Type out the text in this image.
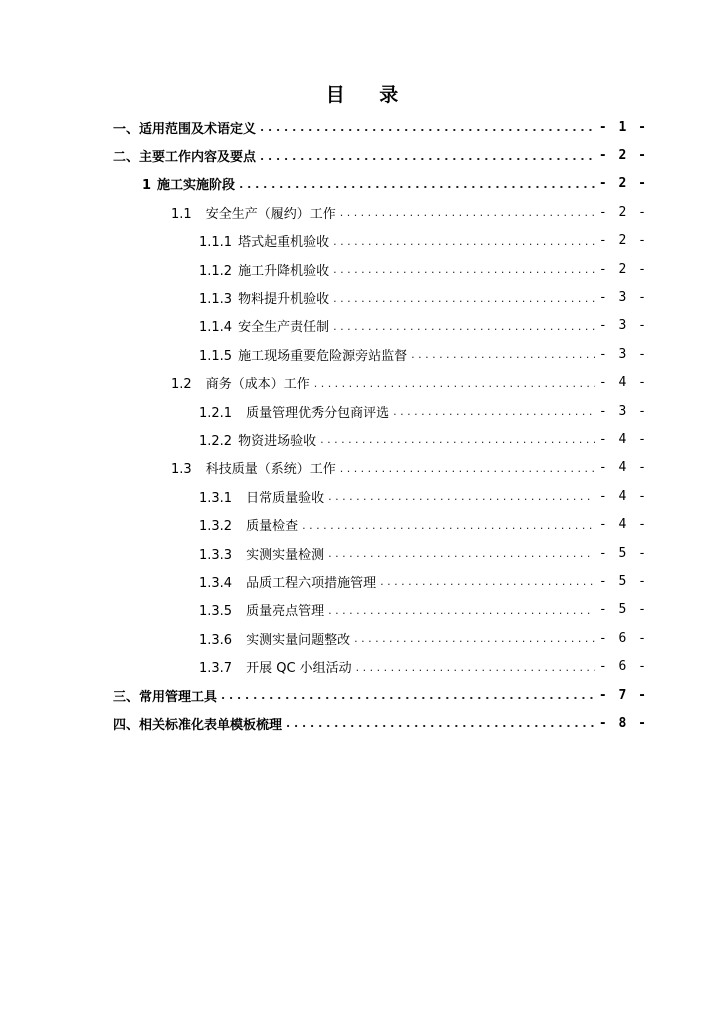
目 录
一、适用范围及术语定义 . . .	- 1 -
二、主要工作内容及要点 . . .	- 2 -
1 施工实施阶段 . . .	- 2 -
1.1 安全生产（履约）工作 . . .	- 2 -
1.1.1 塔式起重机验收 . . .	- 2 -
1.1.2 施工升降机验收 . . .	- 2 -
1.1.3 物料提升机验收 . . .	- 3 -
1.1.4 安全生产责任制 . . .	- 3 -
1.1.5 施工现场重要危险源旁站监督 . . .	- 3 -
1.2 商务（成本）工作 . . .	- 4 -
1.2.1 质量管理优秀分包商评选 . . .	- 3 -
1.2.2 物资进场验收 . . .	- 4 -
1.3 科技质量（系统）工作 . . .	- 4 -
1.3.1 日常质量验收 . . .	- 4 -
1.3.2 质量检查 . . .	- 4 -
1.3.3 实测实量检测 . . .	- 5 -
1.3.4 品质工程六项措施管理 . . .	- 5 -
1.3.5 质量亮点管理 . . .	- 5 -
1.3.6 实测实量问题整改 . . .	- 6 -
1.3.7 开展 QC 小组活动 . . .	- 6 -
三、常用管理工具 . . .	- 7 -
四、相关标准化表单模板梳理 . . .	- 8 -
